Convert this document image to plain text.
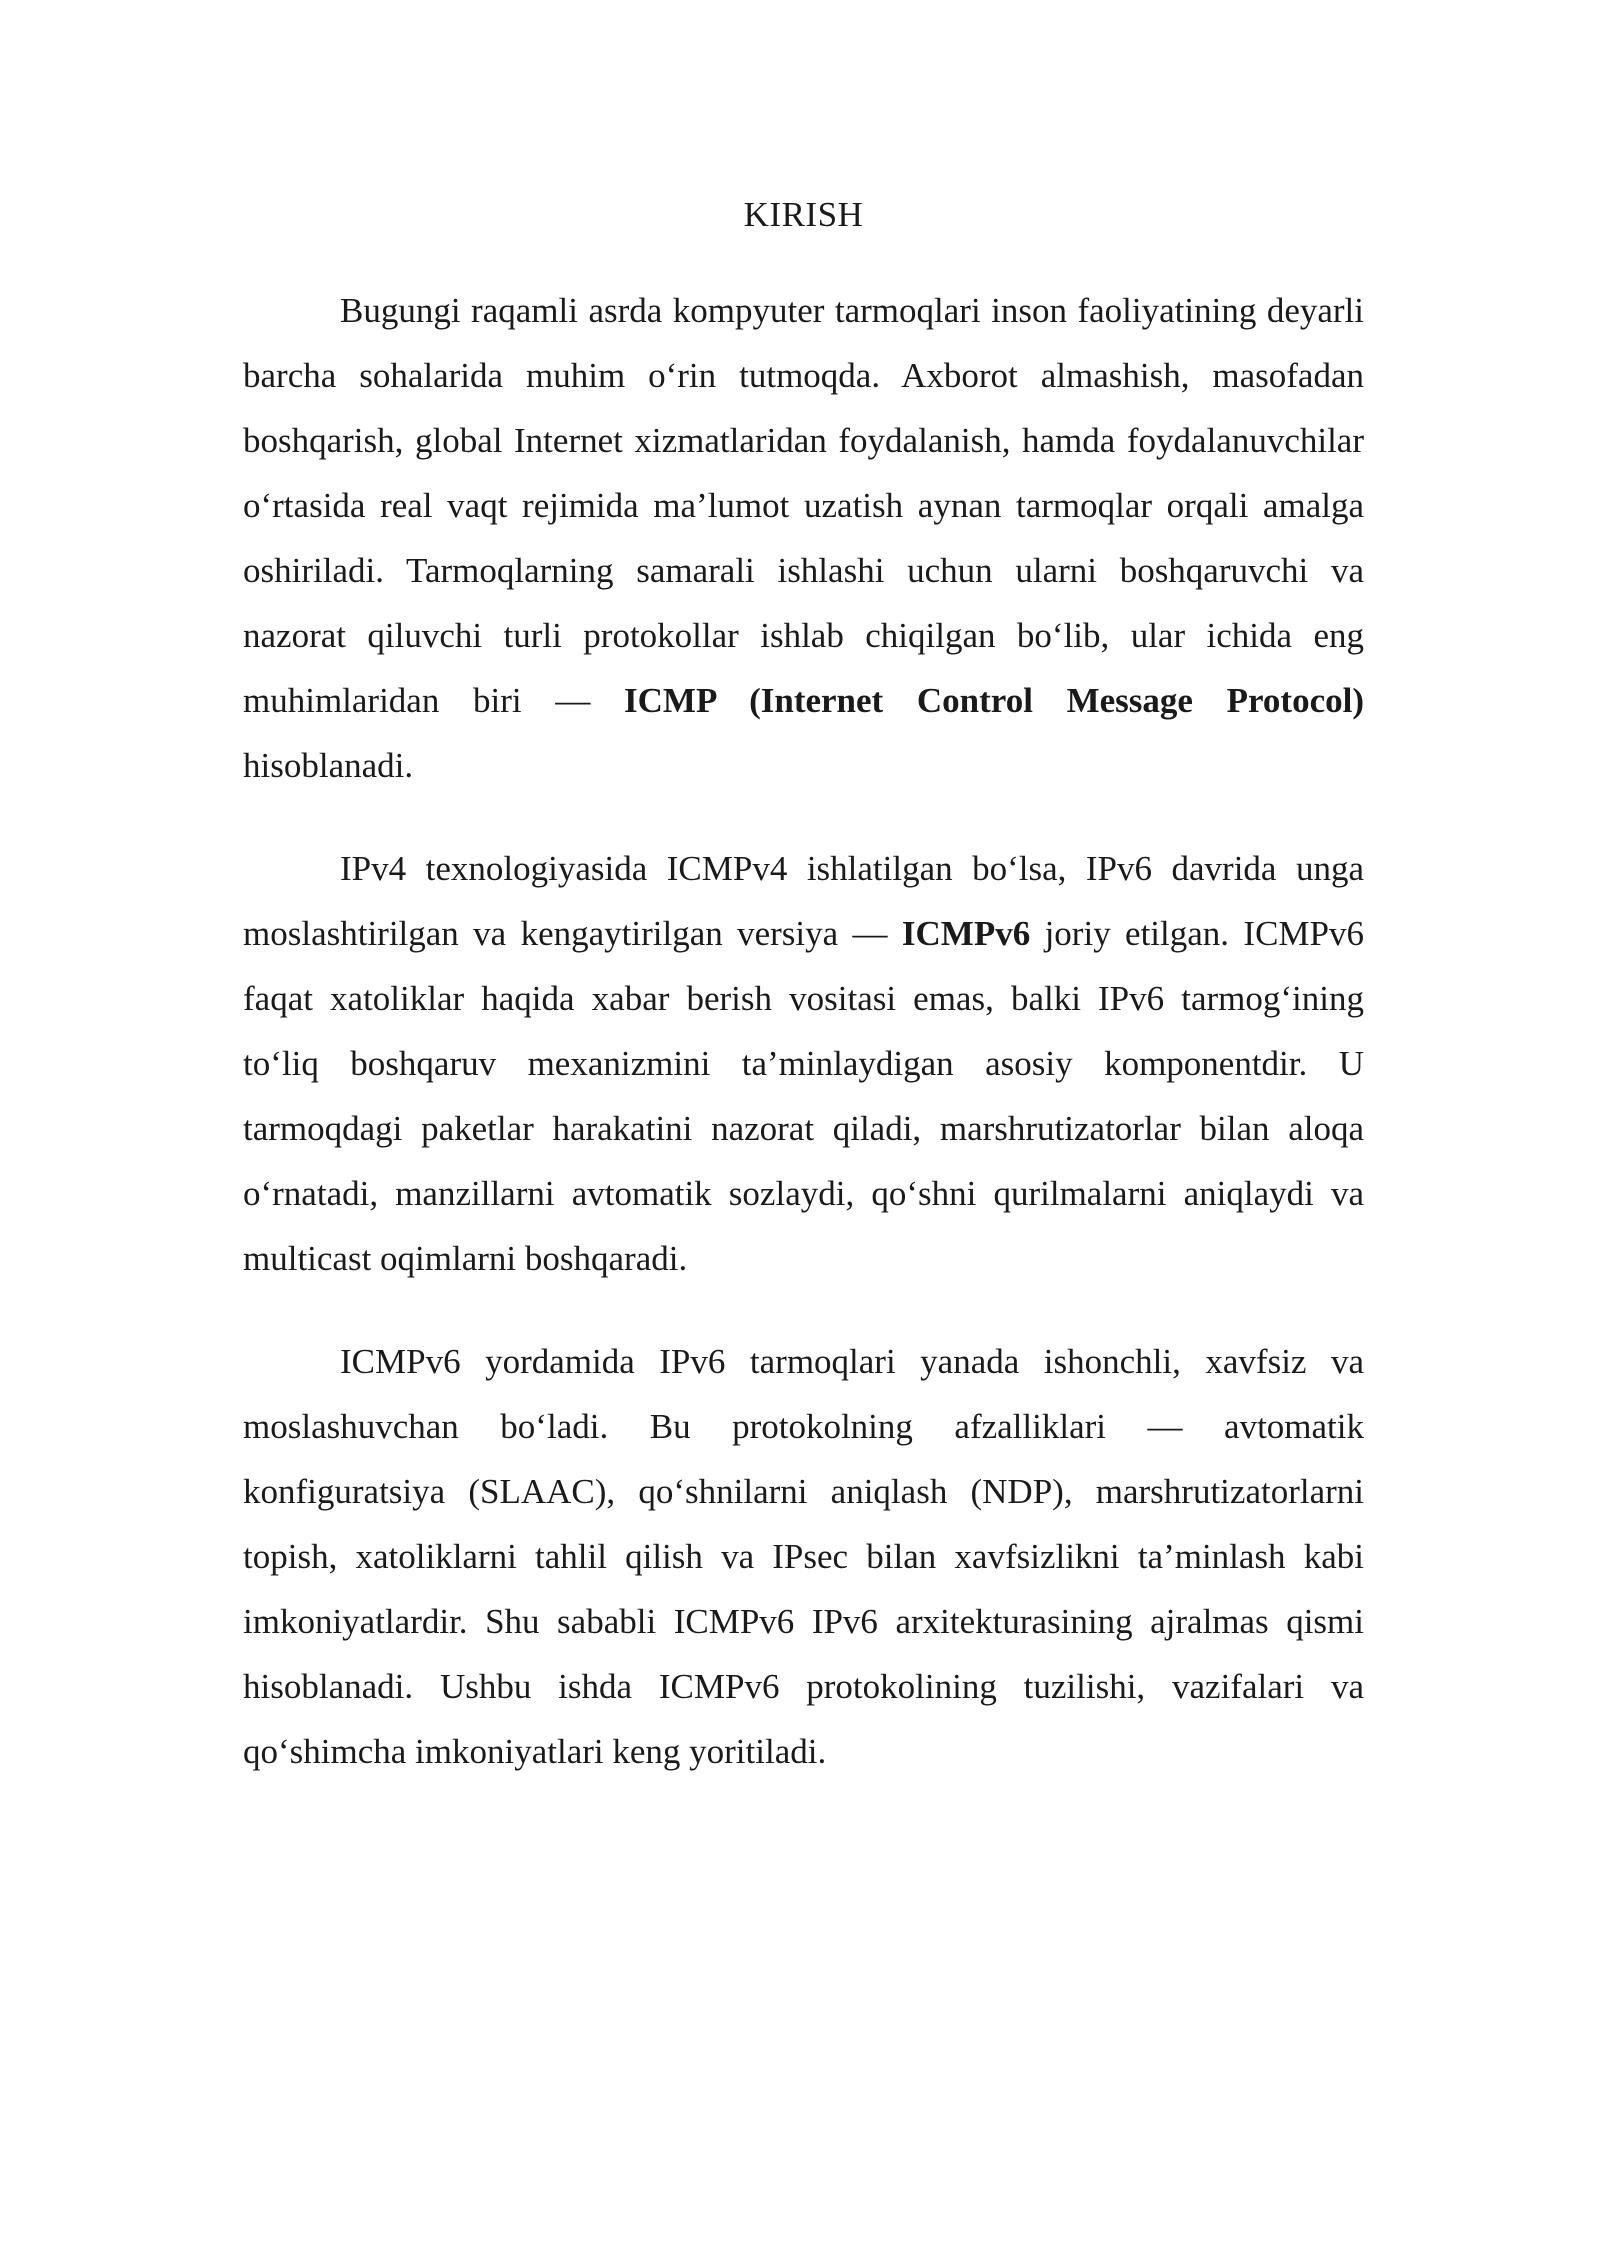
KIRISH

Bugungi raqamli asrda kompyuter tarmoqlari inson faoliyatining deyarli barcha sohalarida muhim o‘rin tutmoqda. Axborot almashish, masofadan boshqarish, global Internet xizmatlaridan foydalanish, hamda foydalanuvchilar o‘rtasida real vaqt rejimida ma’lumot uzatish aynan tarmoqlar orqali amalga oshiriladi. Tarmoqlarning samarali ishlashi uchun ularni boshqaruvchi va nazorat qiluvchi turli protokollar ishlab chiqilgan bo‘lib, ular ichida eng muhimlaridan biri — ICMP (Internet Control Message Protocol) hisoblanadi.

IPv4 texnologiyasida ICMPv4 ishlatilgan bo‘lsa, IPv6 davrida unga moslashtirilgan va kengaytirilgan versiya — ICMPv6 joriy etilgan. ICMPv6 faqat xatoliklar haqida xabar berish vositasi emas, balki IPv6 tarmog‘ining to‘liq boshqaruv mexanizmini ta’minlaydigan asosiy komponentdir. U tarmoqdagi paketlar harakatini nazorat qiladi, marshrutizatorlar bilan aloqa o‘rnatadi, manzillarni avtomatik sozlaydi, qo‘shni qurilmalarni aniqlaydi va multicast oqimlarni boshqaradi.

ICMPv6 yordamida IPv6 tarmoqlari yanada ishonchli, xavfsiz va moslashuvchan bo‘ladi. Bu protokolning afzalliklari — avtomatik konfiguratsiya (SLAAC), qo‘shnilarni aniqlash (NDP), marshrutizatorlarni topish, xatoliklarni tahlil qilish va IPsec bilan xavfsizlikni ta’minlash kabi imkoniyatlardir. Shu sababli ICMPv6 IPv6 arxitekturasining ajralmas qismi hisoblanadi. Ushbu ishda ICMPv6 protokolining tuzilishi, vazifalari va qo‘shimcha imkoniyatlari keng yoritiladi.
